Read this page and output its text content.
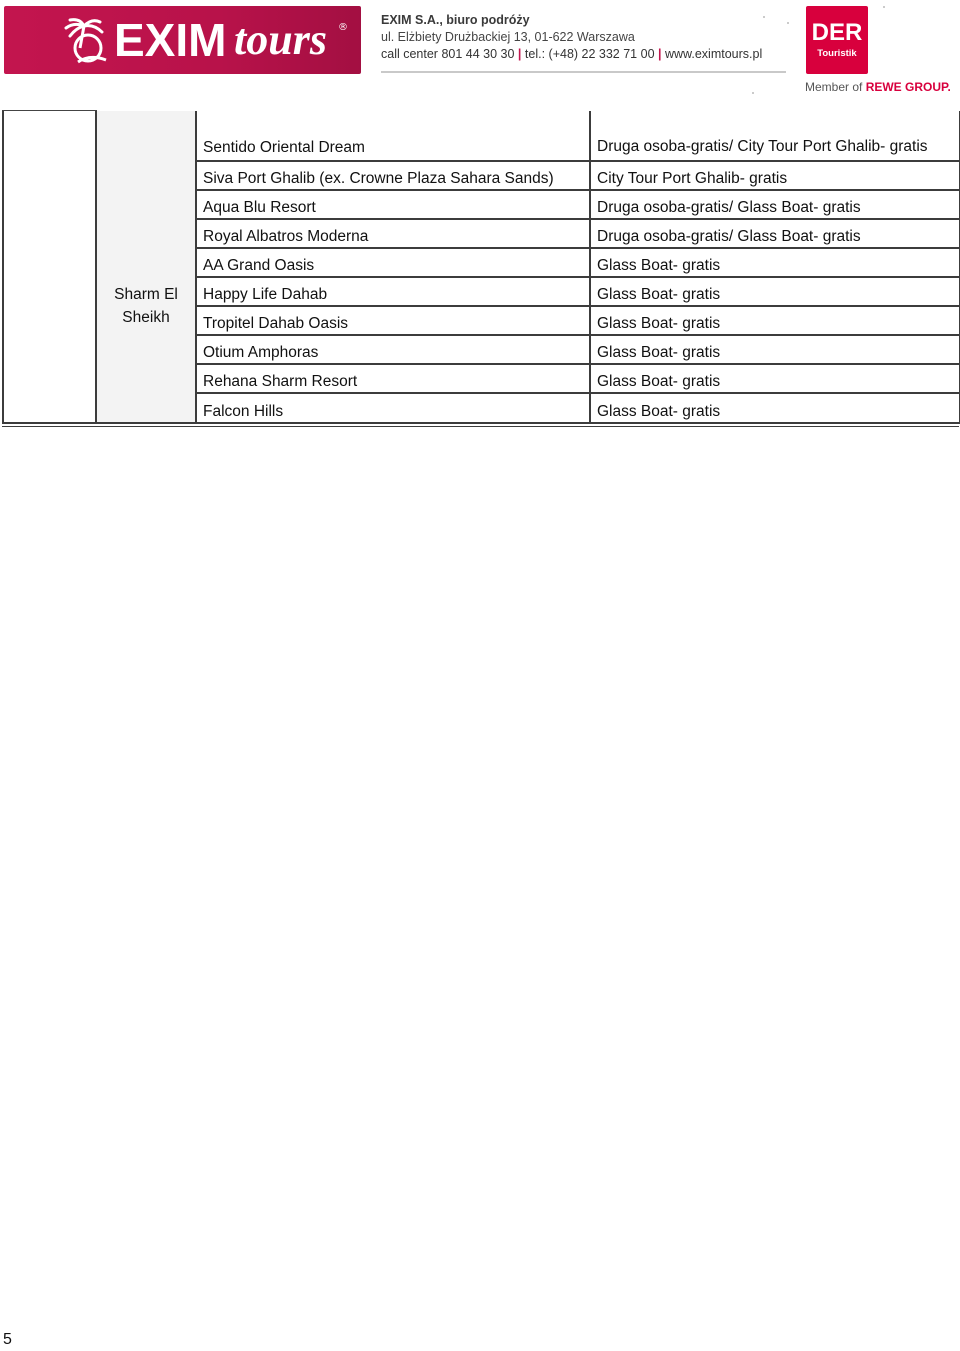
EXIM tours ®
EXIM S.A., biuro podróży
ul. Elżbiety Drużbackiej 13, 01-622 Warszawa
call center 801 44 30 30 | tel.: (+48) 22 332 71 00 | www.eximtours.pl
DER
Touristik
Member of REWE GROUP.
		Sentido Oriental Dream	Druga osoba-gratis/ City Tour Port Ghalib- gratis
		Siva Port Ghalib (ex. Crowne Plaza Sahara Sands)	City Tour Port Ghalib- gratis
	Sharm El Sheikh	Aqua Blu Resort	Druga osoba-gratis/ Glass Boat- gratis
		Royal Albatros Moderna	Druga osoba-gratis/ Glass Boat- gratis
		AA Grand Oasis	Glass Boat- gratis
		Happy Life Dahab	Glass Boat- gratis
		Tropitel Dahab Oasis	Glass Boat- gratis
		Otium Amphoras	Glass Boat- gratis
		Rehana Sharm Resort	Glass Boat- gratis
		Falcon Hills	Glass Boat- gratis
5
